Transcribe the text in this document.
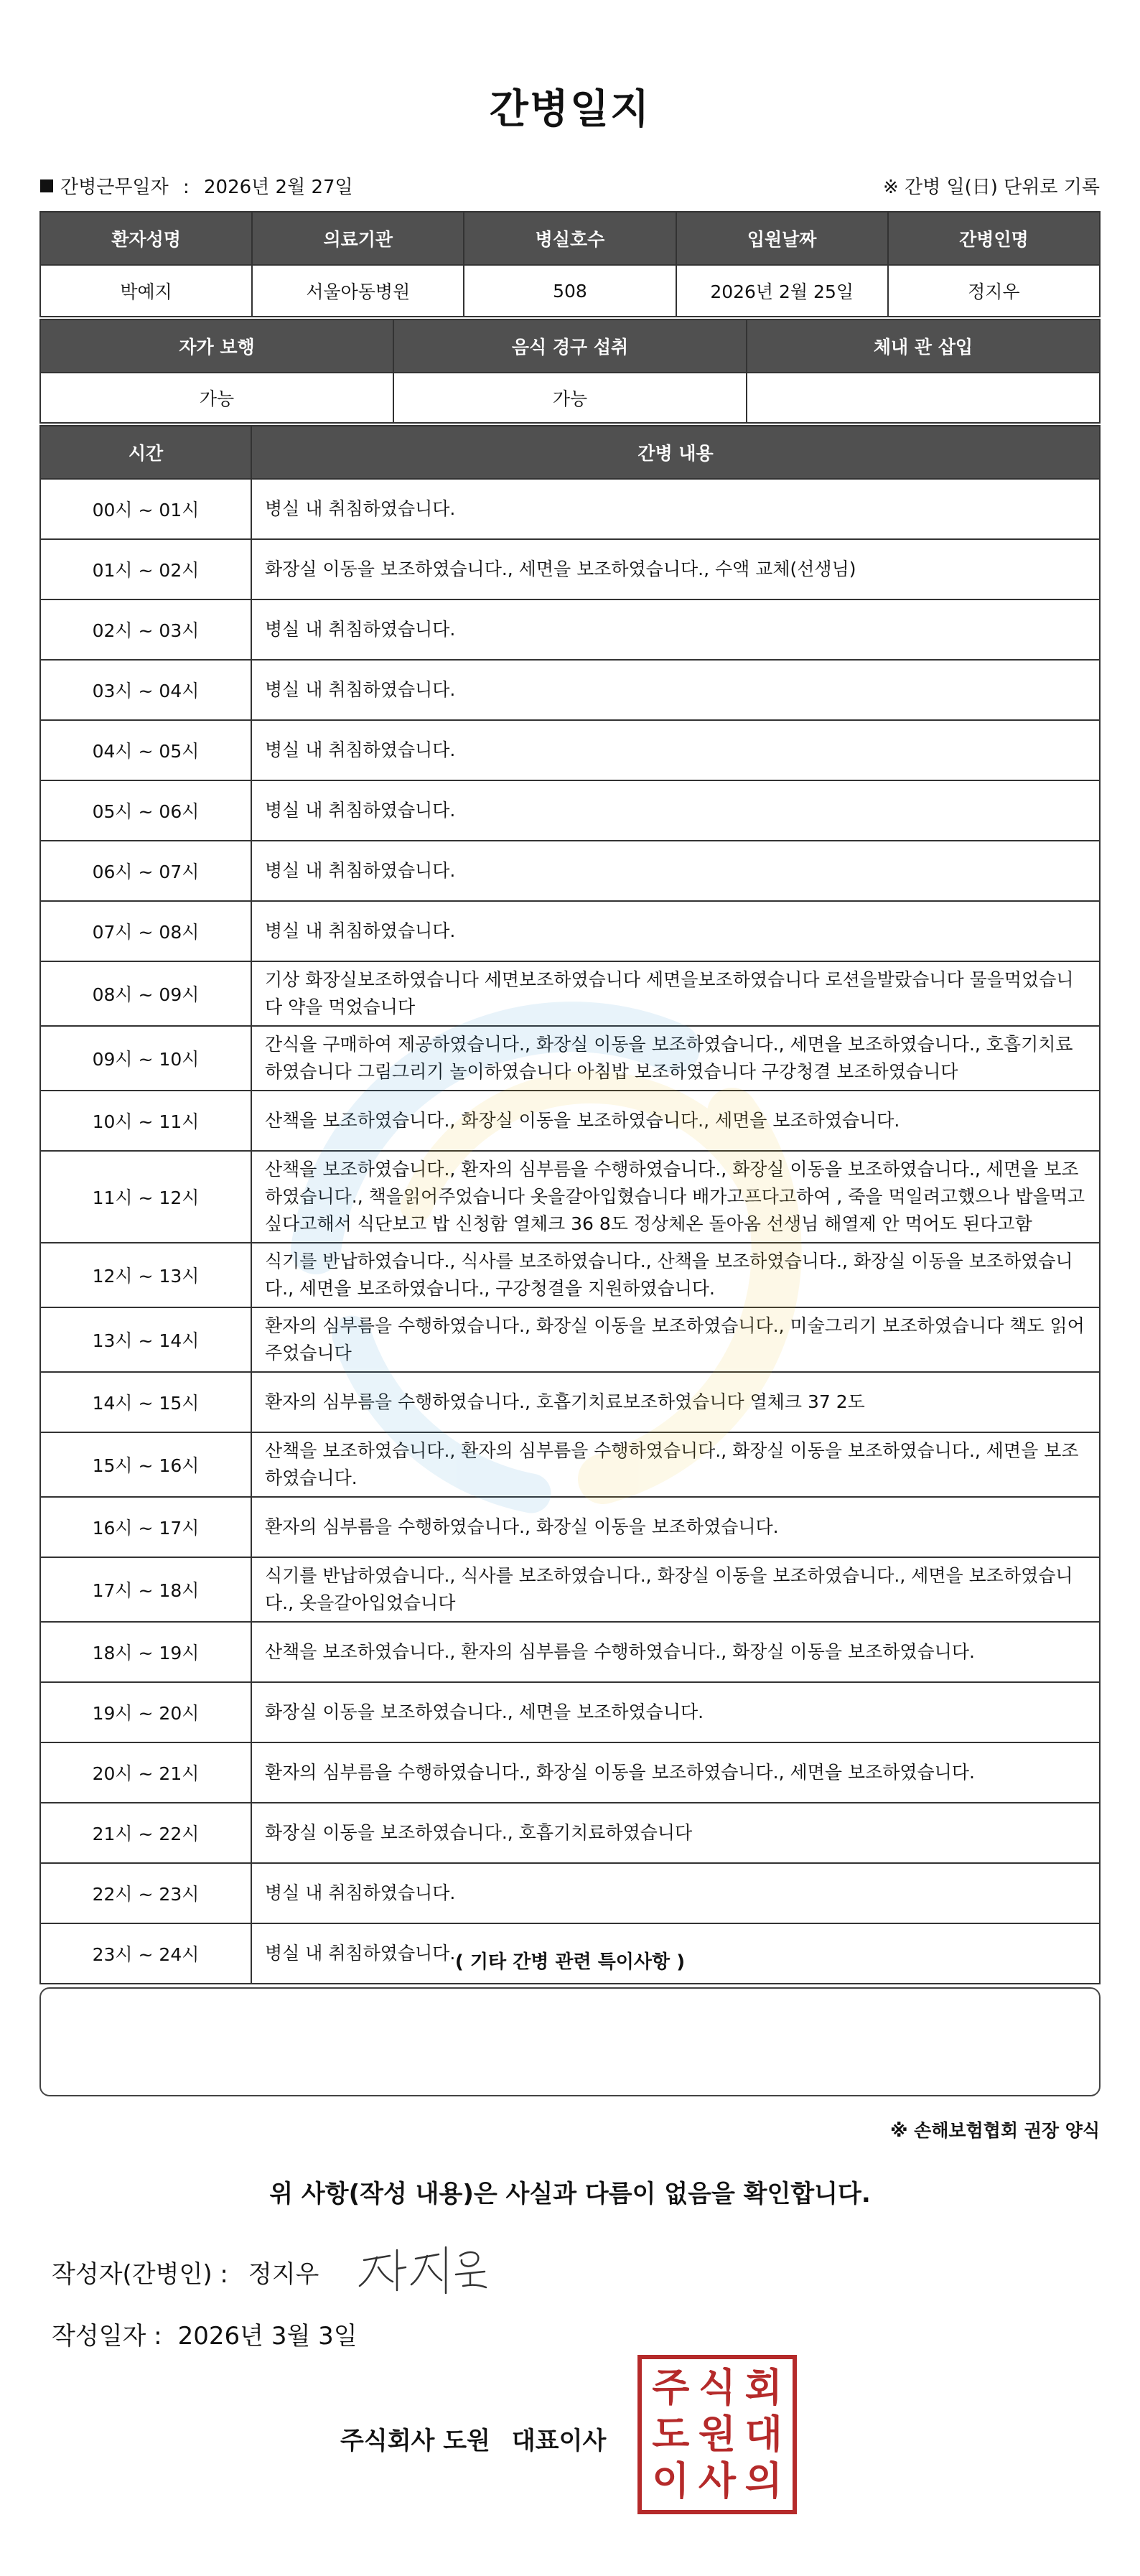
간병일지
간병근무일자 : 2026년 2월 27일	※ 간병 일(日) 단위로 기록
환자성명	의료기관	병실호수	입원날짜	간병인명
박예지	서울아동병원	508	2026년 2월 25일	정지우
자가 보행	음식 경구 섭취	체내 관 삽입
가능	가능	
시간	간병 내용
00시 ~ 01시	병실 내 취침하였습니다.
01시 ~ 02시	화장실 이동을 보조하였습니다., 세면을 보조하였습니다., 수액 교체(선생님)
02시 ~ 03시	병실 내 취침하였습니다.
03시 ~ 04시	병실 내 취침하였습니다.
04시 ~ 05시	병실 내 취침하였습니다.
05시 ~ 06시	병실 내 취침하였습니다.
06시 ~ 07시	병실 내 취침하였습니다.
07시 ~ 08시	병실 내 취침하였습니다.
08시 ~ 09시	기상 화장실보조하였습니다 세면보조하였습니다 세면을보조하였습니다 로션을발랐습니다 물을먹었습니다 약을 먹었습니다
09시 ~ 10시	간식을 구매하여 제공하였습니다., 화장실 이동을 보조하였습니다., 세면을 보조하였습니다., 호흡기치료하였습니다 그림그리기 놀이하였습니다 아침밥 보조하였습니다 구강청결 보조하였습니다
10시 ~ 11시	산책을 보조하였습니다., 화장실 이동을 보조하였습니다., 세면을 보조하였습니다.
11시 ~ 12시	산책을 보조하였습니다., 환자의 심부름을 수행하였습니다., 화장실 이동을 보조하였습니다., 세면을 보조하였습니다., 책을읽어주었습니다 옷을갈아입혔습니다 배가고프다고하여 , 죽을 먹일려고했으나 밥을먹고싶다고해서 식단보고 밥 신청함 열체크 36 8도 정상체온 돌아옴 선생님 해열제 안 먹어도 된다고함
12시 ~ 13시	식기를 반납하였습니다., 식사를 보조하였습니다., 산책을 보조하였습니다., 화장실 이동을 보조하였습니다., 세면을 보조하였습니다., 구강청결을 지원하였습니다.
13시 ~ 14시	환자의 심부름을 수행하였습니다., 화장실 이동을 보조하였습니다., 미술그리기 보조하였습니다 책도 읽어주었습니다
14시 ~ 15시	환자의 심부름을 수행하였습니다., 호흡기치료보조하였습니다 열체크 37 2도
15시 ~ 16시	산책을 보조하였습니다., 환자의 심부름을 수행하였습니다., 화장실 이동을 보조하였습니다., 세면을 보조하였습니다.
16시 ~ 17시	환자의 심부름을 수행하였습니다., 화장실 이동을 보조하였습니다.
17시 ~ 18시	식기를 반납하였습니다., 식사를 보조하였습니다., 화장실 이동을 보조하였습니다., 세면을 보조하였습니다., 옷을갈아입었습니다
18시 ~ 19시	산책을 보조하였습니다., 환자의 심부름을 수행하였습니다., 화장실 이동을 보조하였습니다.
19시 ~ 20시	화장실 이동을 보조하였습니다., 세면을 보조하였습니다.
20시 ~ 21시	환자의 심부름을 수행하였습니다., 화장실 이동을 보조하였습니다., 세면을 보조하였습니다.
21시 ~ 22시	화장실 이동을 보조하였습니다., 호흡기치료하였습니다
22시 ~ 23시	병실 내 취침하였습니다.
23시 ~ 24시	병실 내 취침하였습니다. ( 기타 간병 관련 특이사항 )
※ 손해보험협회 권장 양식
위 사항(작성 내용)은 사실과 다름이 없음을 확인합니다.
작성자(간병인) : 정지우
작성일자 : 2026년 3월 3일
주식회사 도원 대표이사
주 식 회
도 원 대
이 사 의
